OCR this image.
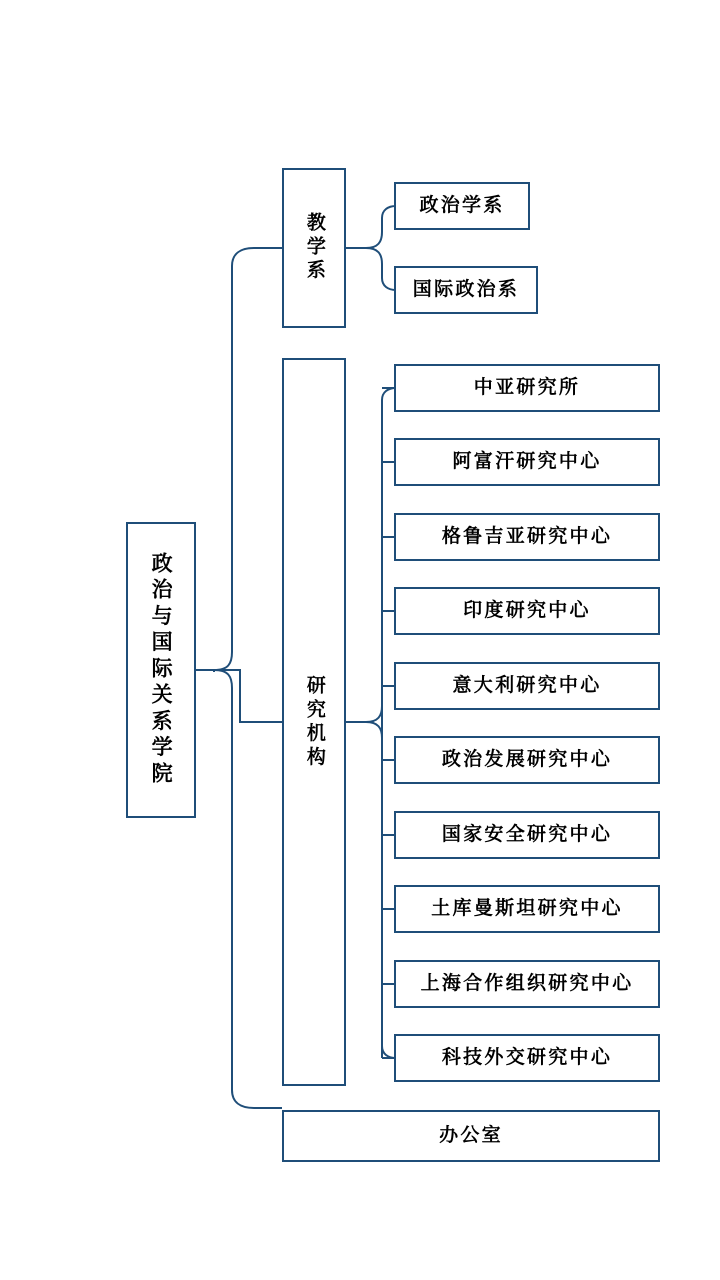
政治与国际关系学院
教学系
研究机构
政治学系
国际政治系
中亚研究所
阿富汗研究中心
格鲁吉亚研究中心
印度研究中心
意大利研究中心
政治发展研究中心
国家安全研究中心
土库曼斯坦研究中心
上海合作组织研究中心
科技外交研究中心
办公室
